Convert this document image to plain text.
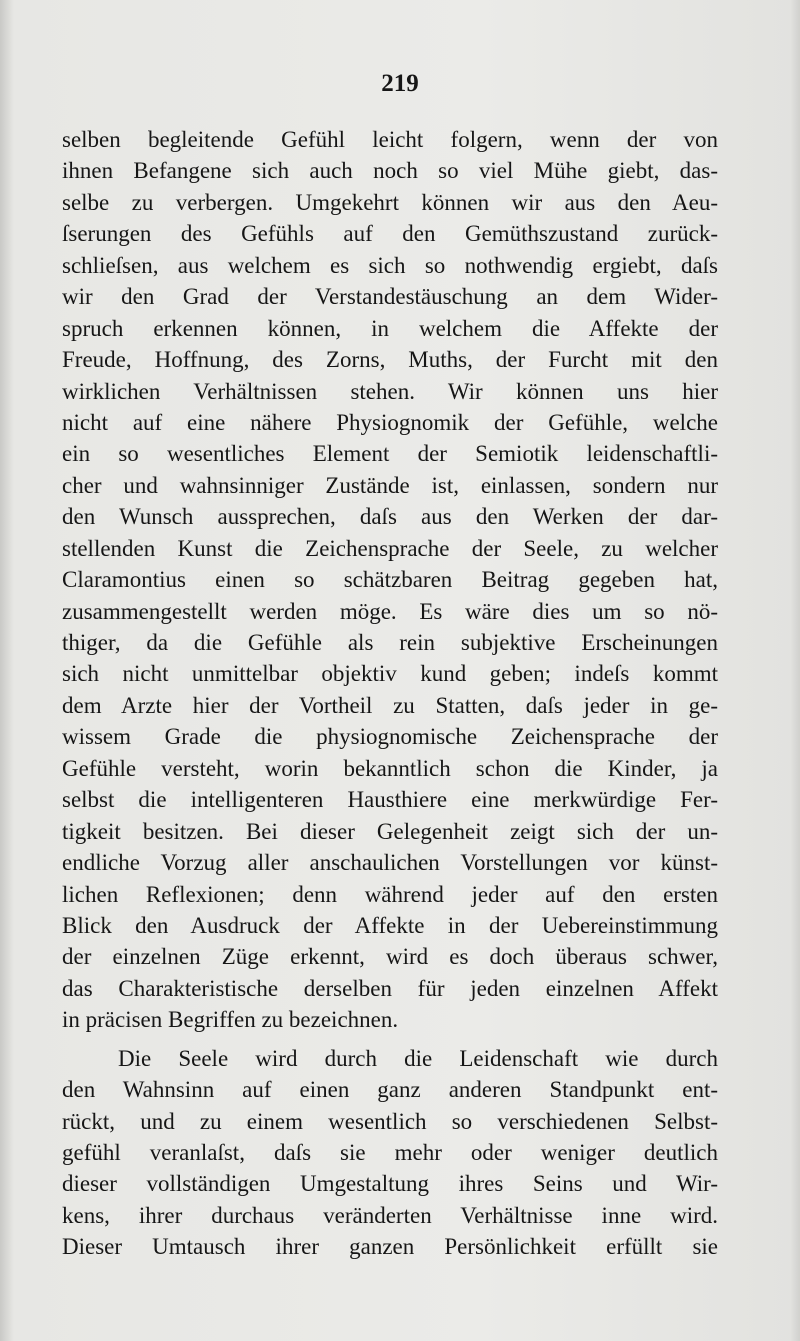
219
selben begleitende Gefühl leicht folgern, wenn der von
ihnen Befangene sich auch noch so viel Mühe giebt, das-
selbe zu verbergen. Umgekehrt können wir aus den Aeu-
ſserungen des Gefühls auf den Gemüthszustand zurück-
schlieſsen, aus welchem es sich so nothwendig ergiebt, daſs
wir den Grad der Verstandestäuschung an dem Wider-
spruch erkennen können, in welchem die Affekte der
Freude, Hoffnung, des Zorns, Muths, der Furcht mit den
wirklichen Verhältnissen stehen. Wir können uns hier
nicht auf eine nähere Physiognomik der Gefühle, welche
ein so wesentliches Element der Semiotik leidenschaftli-
cher und wahnsinniger Zustände ist, einlassen, sondern nur
den Wunsch aussprechen, daſs aus den Werken der dar-
stellenden Kunst die Zeichensprache der Seele, zu welcher
Claramontius einen so schätzbaren Beitrag gegeben hat,
zusammengestellt werden möge. Es wäre dies um so nö-
thiger, da die Gefühle als rein subjektive Erscheinungen
sich nicht unmittelbar objektiv kund geben; indeſs kommt
dem Arzte hier der Vortheil zu Statten, daſs jeder in ge-
wissem Grade die physiognomische Zeichensprache der
Gefühle versteht, worin bekanntlich schon die Kinder, ja
selbst die intelligenteren Hausthiere eine merkwürdige Fer-
tigkeit besitzen. Bei dieser Gelegenheit zeigt sich der un-
endliche Vorzug aller anschaulichen Vorstellungen vor künst-
lichen Reflexionen; denn während jeder auf den ersten
Blick den Ausdruck der Affekte in der Uebereinstimmung
der einzelnen Züge erkennt, wird es doch überaus schwer,
das Charakteristische derselben für jeden einzelnen Affekt
in präcisen Begriffen zu bezeichnen.
Die Seele wird durch die Leidenschaft wie durch
den Wahnsinn auf einen ganz anderen Standpunkt ent-
rückt, und zu einem wesentlich so verschiedenen Selbst-
gefühl veranlaſst, daſs sie mehr oder weniger deutlich
dieser vollständigen Umgestaltung ihres Seins und Wir-
kens, ihrer durchaus veränderten Verhältnisse inne wird.
Dieser Umtausch ihrer ganzen Persönlichkeit erfüllt sie
